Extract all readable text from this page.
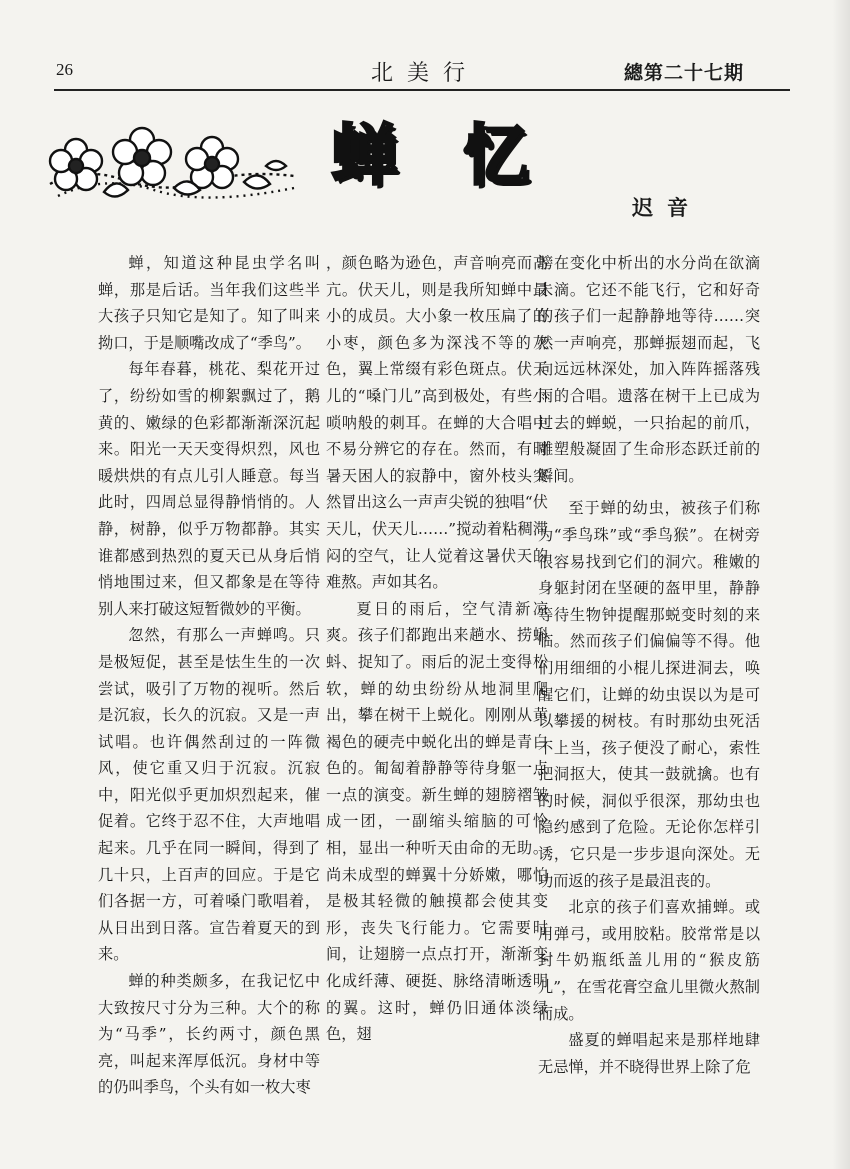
26	北美行	總第二十七期
蝉 忆
迟音

蝉，知道这种昆虫学名叫蝉，那是后话。当年我们这些半大孩子只知它是知了。知了叫来拗口，于是顺嘴改成了“季鸟”。

每年春暮，桃花、梨花开过了，纷纷如雪的柳絮飘过了，鹅黄的、嫩绿的色彩都渐渐深沉起来。阳光一天天变得炽烈，风也暖烘烘的有点儿引人睡意。每当此时，四周总显得静悄悄的。人静，树静，似乎万物都静。其实谁都感到热烈的夏天已从身后悄悄地围过来，但又都象是在等待别人来打破这短暂微妙的平衡。

忽然，有那么一声蝉鸣。只是极短促，甚至是怯生生的一次尝试，吸引了万物的视听。然后是沉寂，长久的沉寂。又是一声试唱。也许偶然刮过的一阵微风，使它重又归于沉寂。沉寂中，阳光似乎更加炽烈起来，催促着。它终于忍不住，大声地唱起来。几乎在同一瞬间，得到了几十只，上百声的回应。于是它们各据一方，可着嗓门歌唱着，从日出到日落。宣告着夏天的到来。

蝉的种类颇多，在我记忆中大致按尺寸分为三种。大个的称为“马季”，长约两寸，颜色黑亮，叫起来浑厚低沉。身材中等的仍叫季鸟，个头有如一枚大枣

，颜色略为逊色，声音响亮而高亢。伏天儿，则是我所知蝉中最小的成员。大小象一枚压扁了的小枣，颜色多为深浅不等的灰色，翼上常缀有彩色斑点。伏天儿的“嗓门儿”高到极处，有些小唢呐般的刺耳。在蝉的大合唱中不易分辨它的存在。然而，有时暑天困人的寂静中，窗外枝头突然冒出这么一声声尖锐的独唱“伏天儿，伏天儿……”搅动着粘稠滞闷的空气，让人觉着这暑伏天的难熬。声如其名。

夏日的雨后，空气清新凉爽。孩子们都跑出来趟水、捞蝌蚪、捉知了。雨后的泥土变得松软，蝉的幼虫纷纷从地洞里爬出，攀在树干上蜕化。刚刚从黄褐色的硬壳中蜕化出的蝉是青白色的。匍匐着静静等待身躯一点一点的演变。新生蝉的翅膀褶皱成一团，一副缩头缩脑的可怜相，显出一种听天由命的无助。尚未成型的蝉翼十分娇嫩，哪怕是极其轻微的触摸都会使其变形，丧失飞行能力。它需要时间，让翅膀一点点打开，渐渐变化成纤薄、硬挺、脉络清晰透明的翼。这时，蝉仍旧通体淡绿色，翅

膀在变化中析出的水分尚在欲滴未滴。它还不能飞行，它和好奇的孩子们一起静静地等待……突然一声响亮，那蝉振翅而起，飞向远远林深处，加入阵阵摇落残雨的合唱。遗落在树干上已成为过去的蝉蜕，一只抬起的前爪，雕塑般凝固了生命形态跃迁前的瞬间。

至于蝉的幼虫，被孩子们称为“季鸟珠”或“季鸟猴”。在树旁很容易找到它们的洞穴。稚嫩的身躯封闭在坚硬的盔甲里，静静等待生物钟提醒那蜕变时刻的来临。然而孩子们偏偏等不得。他们用细细的小棍儿探进洞去，唤醒它们，让蝉的幼虫误以为是可以攀援的树枝。有时那幼虫死活不上当，孩子便没了耐心，索性把洞抠大，使其一鼓就擒。也有的时候，洞似乎很深，那幼虫也隐约感到了危险。无论你怎样引诱，它只是一步步退向深处。无功而返的孩子是最沮丧的。

北京的孩子们喜欢捕蝉。或用弹弓，或用胶粘。胶常常是以封牛奶瓶纸盖儿用的“猴皮筋儿”，在雪花膏空盒儿里微火熬制而成。

盛夏的蝉唱起来是那样地肆无忌惮，并不晓得世界上除了危
